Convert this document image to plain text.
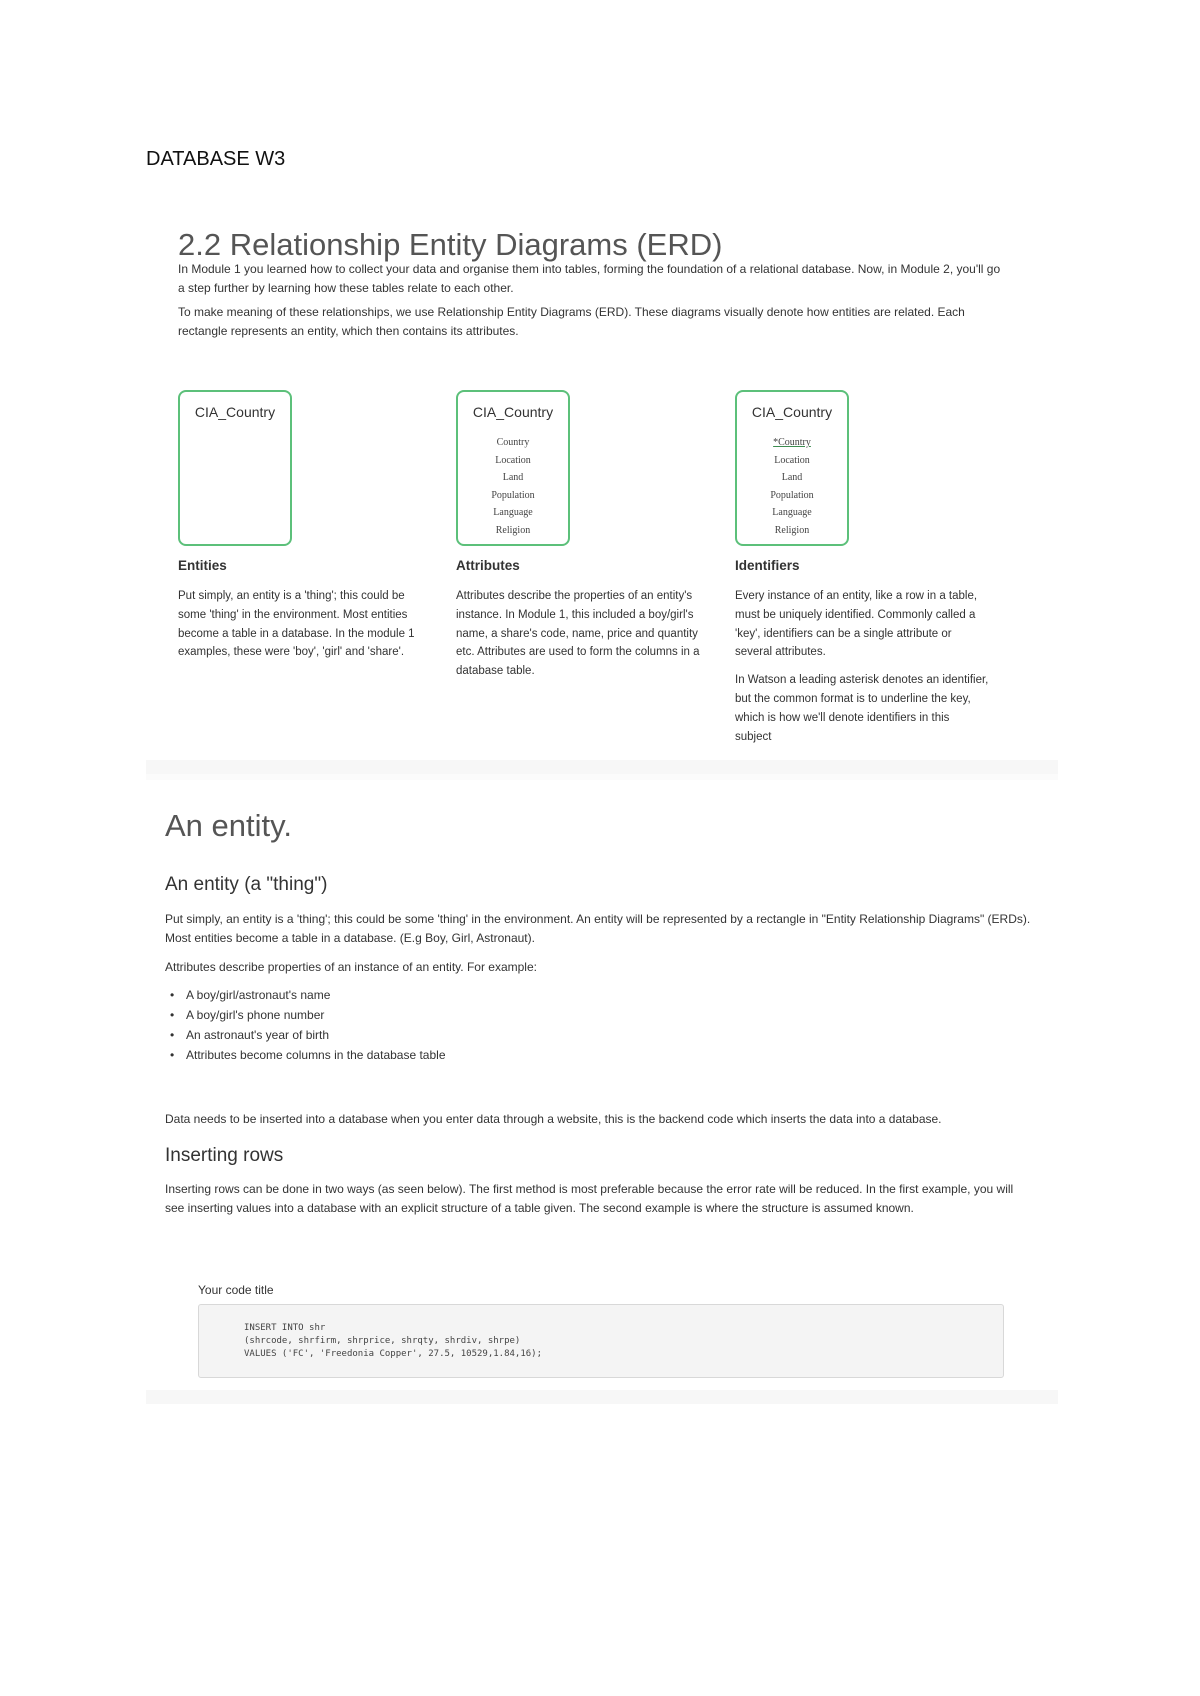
DATABASE W3
2.2 Relationship Entity Diagrams (ERD)
In Module 1 you learned how to collect your data and organise them into tables, forming the foundation of a relational database. Now, in Module 2, you'll go a step further by learning how these tables relate to each other.
To make meaning of these relationships, we use Relationship Entity Diagrams (ERD). These diagrams visually denote how entities are related. Each rectangle represents an entity, which then contains its attributes.
CIA_Country
Entities
Put simply, an entity is a 'thing'; this could be some 'thing' in the environment. Most entities become a table in a database. In the module 1 examples, these were 'boy', 'girl' and 'share'.
CIA_Country
Country
Location
Land
Population
Language
Religion
Attributes
Attributes describe the properties of an entity's instance. In Module 1, this included a boy/girl's name, a share's code, name, price and quantity etc. Attributes are used to form the columns in a database table.
CIA_Country
*Country
Location
Land
Population
Language
Religion
Identifiers
Every instance of an entity, like a row in a table, must be uniquely identified. Commonly called a 'key', identifiers can be a single attribute or several attributes.
In Watson a leading asterisk denotes an identifier, but the common format is to underline the key, which is how we'll denote identifiers in this subject
An entity.
An entity (a "thing")
Put simply, an entity is a 'thing'; this could be some 'thing' in the environment. An entity will be represented by a rectangle in "Entity Relationship Diagrams" (ERDs). Most entities become a table in a database. (E.g Boy, Girl, Astronaut).
Attributes describe properties of an instance of an entity. For example:
• A boy/girl/astronaut's name
• A boy/girl's phone number
• An astronaut's year of birth
• Attributes become columns in the database table
Data needs to be inserted into a database when you enter data through a website, this is the backend code which inserts the data into a database.
Inserting rows
Inserting rows can be done in two ways (as seen below). The first method is most preferable because the error rate will be reduced. In the first example, you will see inserting values into a database with an explicit structure of a table given. The second example is where the structure is assumed known.
Your code title
INSERT INTO shr
(shrcode, shrfirm, shrprice, shrqty, shrdiv, shrpe)
VALUES ('FC', 'Freedonia Copper', 27.5, 10529,1.84,16);
